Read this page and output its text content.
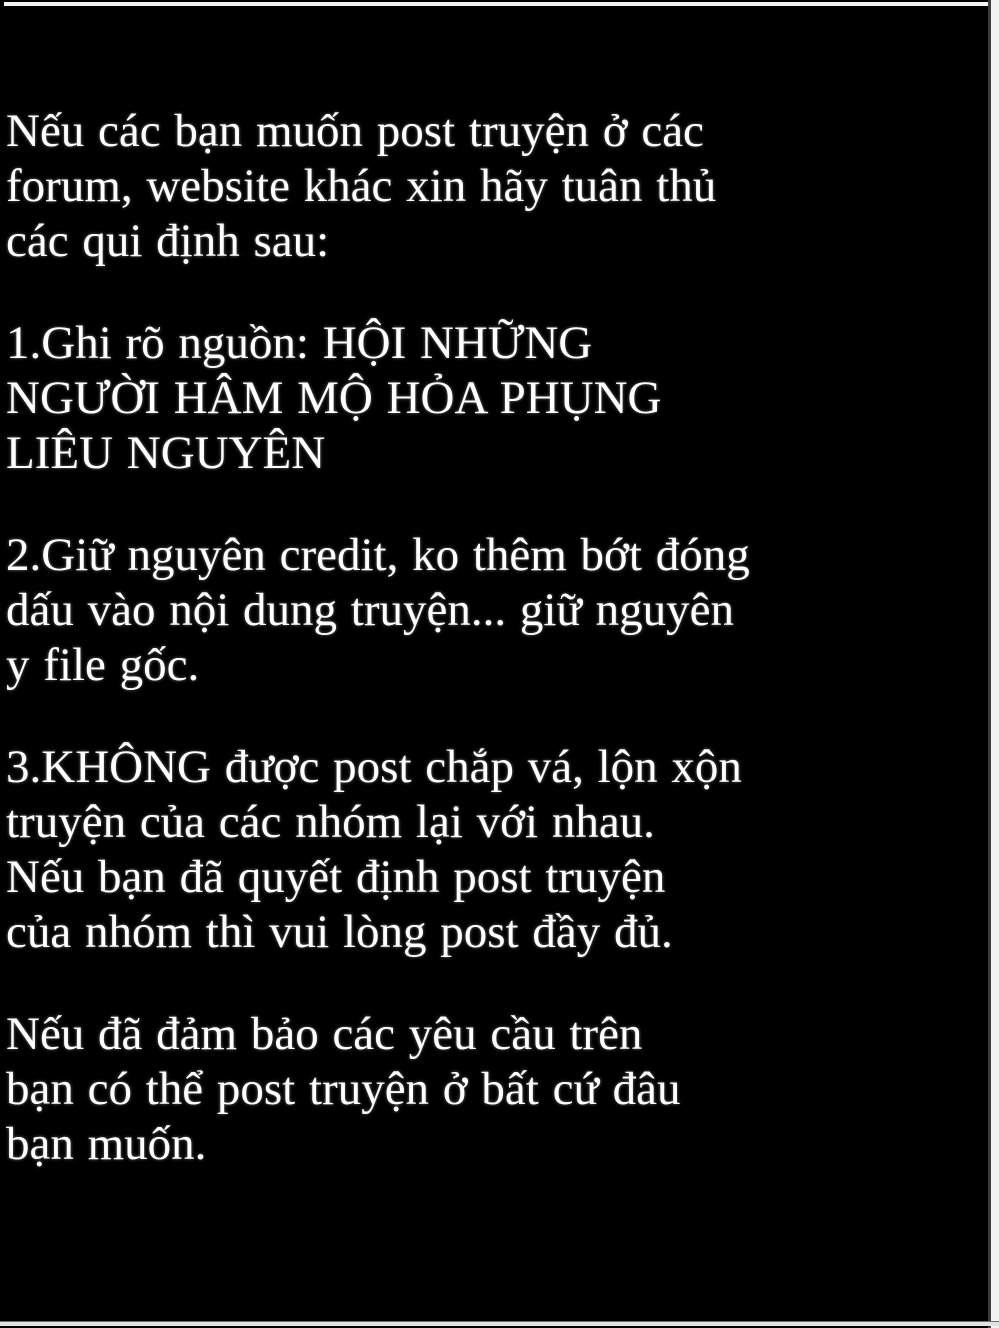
Nếu các bạn muốn post truyện ở các
forum, website khác xin hãy tuân thủ
các qui định sau:
1.Ghi rõ nguồn: HỘI NHỮNG
NGƯỜI HÂM MỘ HỎA PHỤNG
LIÊU NGUYÊN
2.Giữ nguyên credit, ko thêm bớt đóng
dấu vào nội dung truyện... giữ nguyên
y file gốc.
3.KHÔNG được post chắp vá, lộn xộn
truyện của các nhóm lại với nhau.
Nếu bạn đã quyết định post truyện
của nhóm thì vui lòng post đầy đủ.
Nếu đã đảm bảo các yêu cầu trên
bạn có thể post truyện ở bất cứ đâu
bạn muốn.
